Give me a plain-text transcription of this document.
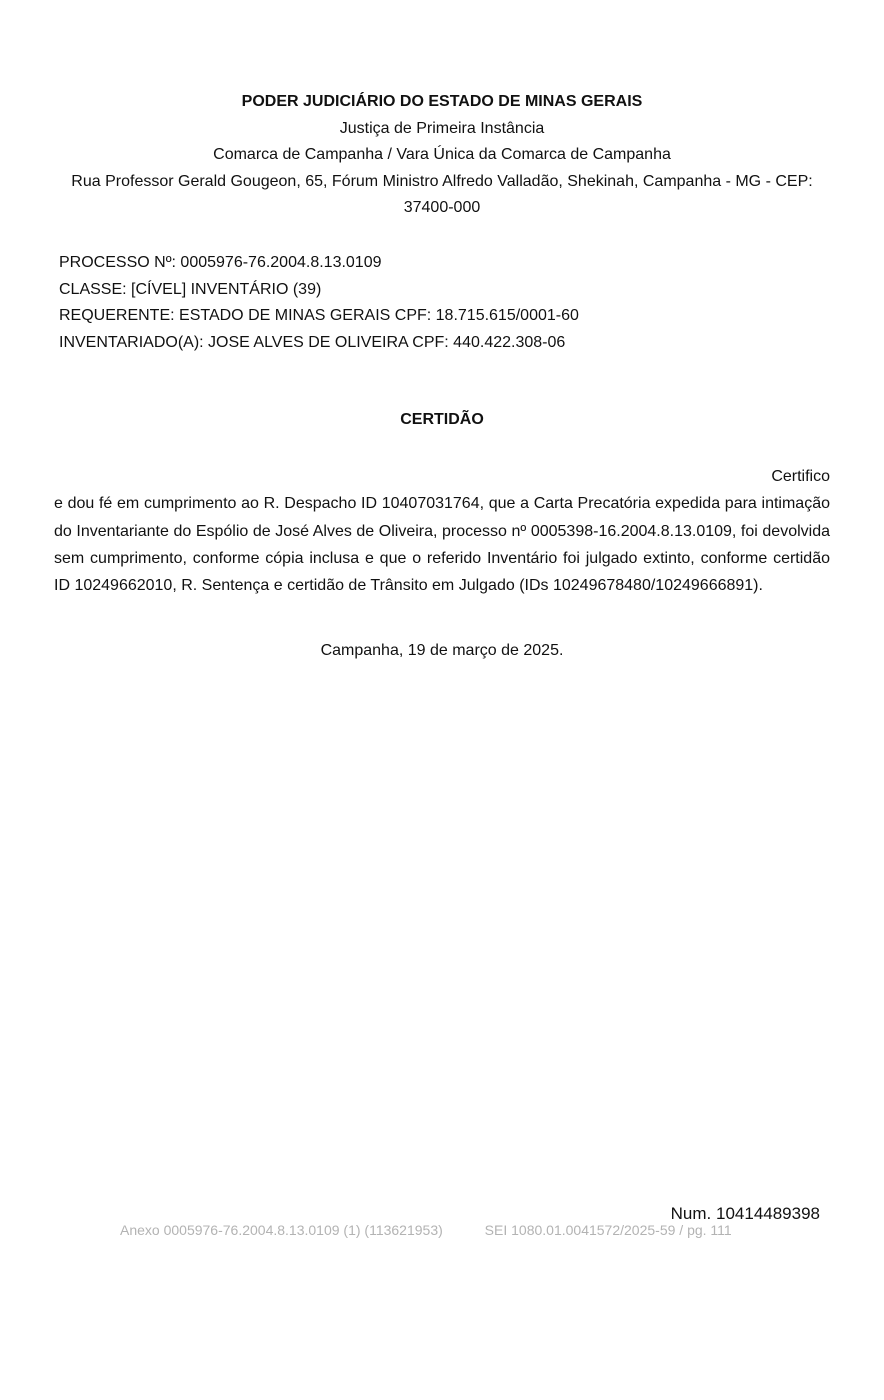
PODER JUDICIÁRIO DO ESTADO DE MINAS GERAIS
Justiça de Primeira Instância
Comarca de Campanha / Vara Única da Comarca de Campanha
Rua Professor Gerald Gougeon, 65, Fórum Ministro Alfredo Valladão, Shekinah, Campanha - MG - CEP: 37400-000
PROCESSO Nº: 0005976-76.2004.8.13.0109
CLASSE: [CÍVEL] INVENTÁRIO (39)
REQUERENTE: ESTADO DE MINAS GERAIS CPF: 18.715.615/0001-60
INVENTARIADO(A): JOSE ALVES DE OLIVEIRA CPF: 440.422.308-06
CERTIDÃO
Certifico
e dou fé em cumprimento ao R. Despacho ID 10407031764, que a Carta Precatória expedida para intimação do Inventariante do Espólio de José Alves de Oliveira, processo nº 0005398-16.2004.8.13.0109, foi devolvida sem cumprimento, conforme cópia inclusa e que o referido Inventário foi julgado extinto, conforme certidão ID 10249662010, R. Sentença e certidão de Trânsito em Julgado (IDs 10249678480/10249666891).
Campanha, 19 de março de 2025.
Num. 10414489398
Anexo 0005976-76.2004.8.13.0109 (1) (113621953)	SEI 1080.01.0041572/2025-59 / pg. 111
